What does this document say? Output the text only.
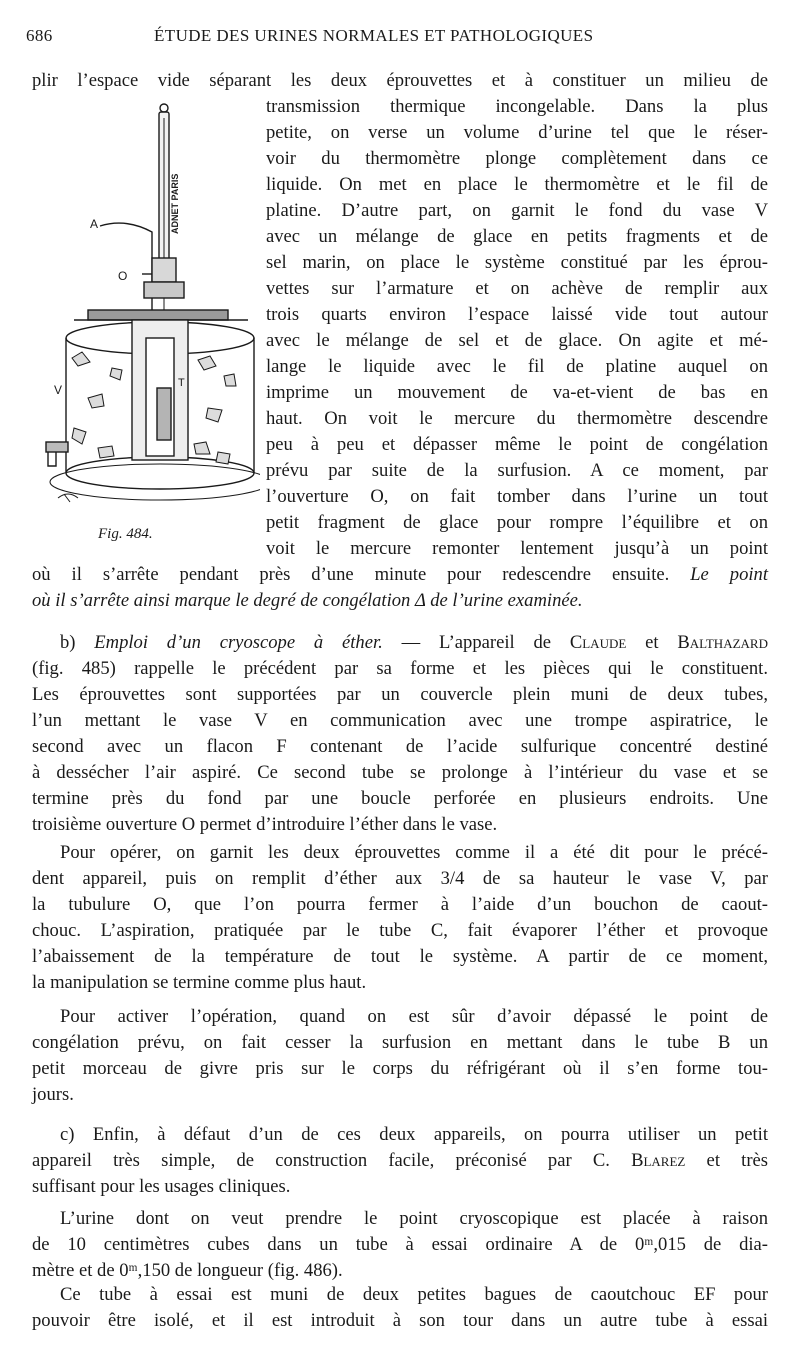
686	ÉTUDE DES URINES NORMALES ET PATHOLOGIQUES

plir l’espace vide séparant les deux éprouvettes et à constituer un milieu de

transmission thermique incongelable. Dans la plus

petite, on verse un volume d’urine tel que le réser-

voir du thermomètre plonge complètement dans ce

liquide. On met en place le thermomètre et le fil de

platine. D’autre part, on garnit le fond du vase V

avec un mélange de glace en petits fragments et de

sel marin, on place le système constitué par les éprou-

vettes sur l’armature et on achève de remplir aux

trois quarts environ l’espace laissé vide tout autour

avec le mélange de sel et de glace. On agite et mé-

lange le liquide avec le fil de platine auquel on

imprime un mouvement de va-et-vient de bas en

haut. On voit le mercure du thermomètre descendre

peu à peu et dépasser même le point de congélation

prévu par suite de la surfusion. A ce moment, par

l’ouverture O, on fait tomber dans l’urine un tout

petit fragment de glace pour rompre l’équilibre et on

voit le mercure remonter lentement jusqu’à un point

où il s’arrête pendant près d’une minute pour redescendre ensuite. Le point

où il s’arrête ainsi marque le degré de congélation Δ de l’urine examinée.

b) Emploi d’un cryoscope à éther. — L’appareil de Claude et Balthazard

(fig. 485) rappelle le précédent par sa forme et les pièces qui le constituent.

Les éprouvettes sont supportées par un couvercle plein muni de deux tubes,

l’un mettant le vase V en communication avec une trompe aspiratrice, le

second avec un flacon F contenant de l’acide sulfurique concentré destiné

à dessécher l’air aspiré. Ce second tube se prolonge à l’intérieur du vase et se

termine près du fond par une boucle perforée en plusieurs endroits. Une

troisième ouverture O permet d’introduire l’éther dans le vase.

Pour opérer, on garnit les deux éprouvettes comme il a été dit pour le précé-

dent appareil, puis on remplit d’éther aux 3/4 de sa hauteur le vase V, par

la tubulure O, que l’on pourra fermer à l’aide d’un bouchon de caout-

chouc. L’aspiration, pratiquée par le tube C, fait évaporer l’éther et provoque

l’abaissement de la température de tout le système. A partir de ce moment,

la manipulation se termine comme plus haut.

Pour activer l’opération, quand on est sûr d’avoir dépassé le point de

congélation prévu, on fait cesser la surfusion en mettant dans le tube B un

petit morceau de givre pris sur le corps du réfrigérant où il s’en forme tou-

jours.

c) Enfin, à défaut d’un de ces deux appareils, on pourra utiliser un petit

appareil très simple, de construction facile, préconisé par C. Blarez et très

suffisant pour les usages cliniques.

L’urine dont on veut prendre le point cryoscopique est placée à raison

de 10 centimètres cubes dans un tube à essai ordinaire A de 0ᵐ,015 de dia-

mètre et de 0ᵐ,150 de longueur (fig. 486).

Ce tube à essai est muni de deux petites bagues de caoutchouc EF pour

pouvoir être isolé, et il est introduit à son tour dans un autre tube à essai

ADNET PARIS
A
O
V	T
Fig. 484.
